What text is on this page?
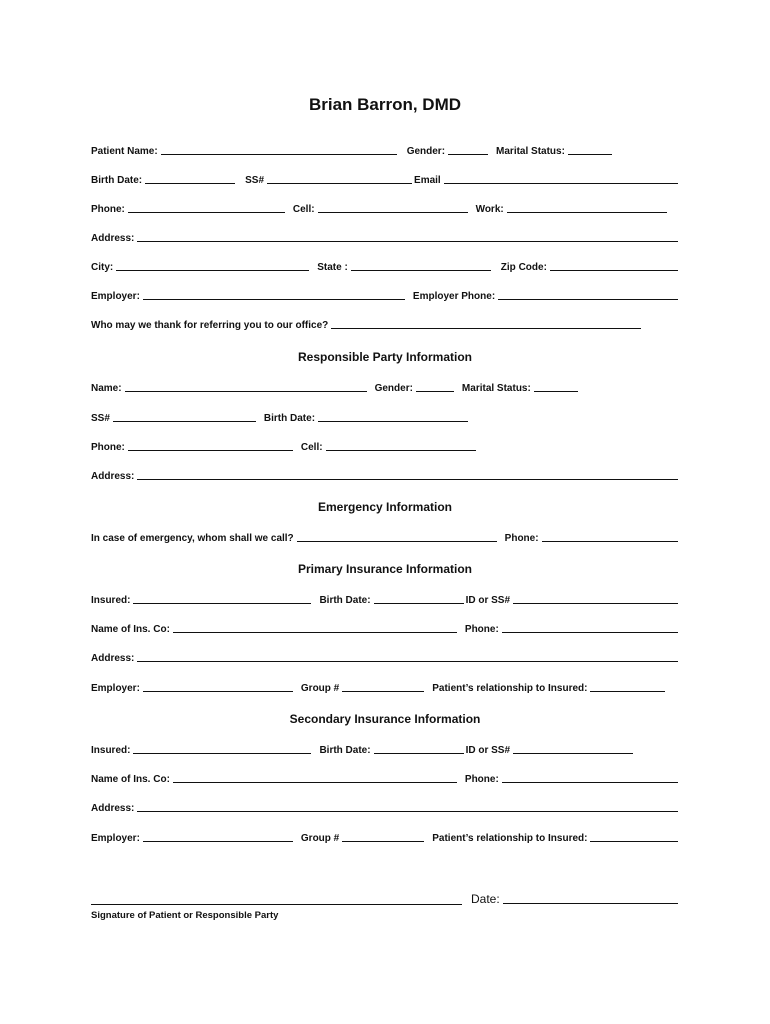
Brian Barron, DMD
Patient Name:	Gender:	Marital Status:
Birth Date:	SS#	Email
Phone:	Cell:	Work:
Address:
City:	State :	Zip Code:
Employer:	Employer Phone:
Who may we thank for referring you to our office?
Responsible Party Information
Name:	Gender:	Marital Status:
SS#	Birth Date:
Phone:	Cell:
Address:
Emergency Information
In case of emergency, whom shall we call?	Phone:
Primary Insurance Information
Insured:	Birth Date:	ID or SS#
Name of Ins. Co:	Phone:
Address:
Employer:	Group #	Patient’s relationship to Insured:
Secondary Insurance Information
Insured:	Birth Date:	ID or SS#
Name of Ins. Co:	Phone:
Address:
Employer:	Group #	Patient’s relationship to Insured:
Date:
Signature of Patient or Responsible Party
